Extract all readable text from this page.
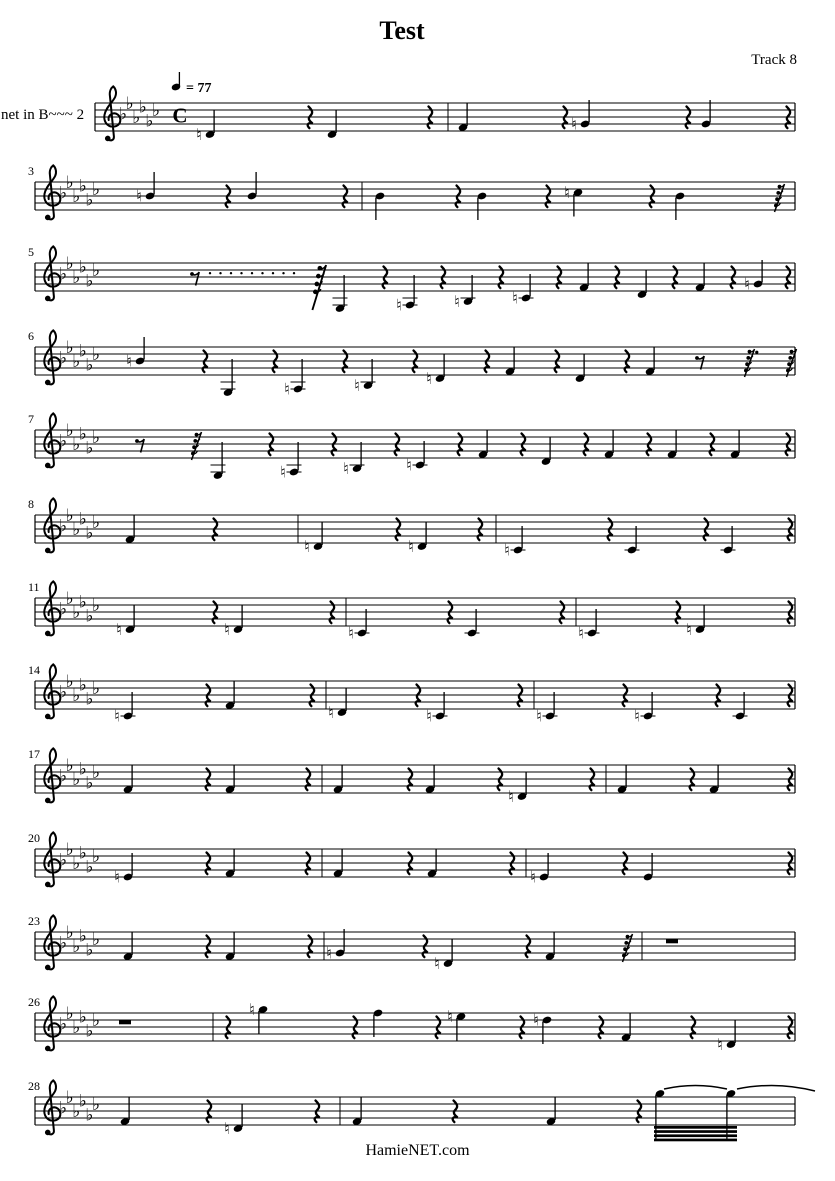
Test
Track 8
net in B~~~ 2 ♭
♭
♭
♭
♭
♭ C
= 77
♮
♮
3
♭
♭
♭
♭
♭
♭ ♮	♮
5
♭
♭
♭
♭
♭
♭
♮	♮	♮
♮
6
♭
♭
♭
♭
♭
♭ ♮
♮	♮	♮
7
♭
♭
♭
♭
♭
♭
♮	♮	♮
8
♭
♭
♭
♭
♭
♭
♮	♮	♮
11
♭
♭
♭
♭
♭
♭
♮	♮	♮	♮	♮
14
♭
♭
♭
♭
♭
♭
♮	♮	♮	♮	♮
17
♭
♭
♭
♭
♭
♭
♮
20
♭
♭
♭
♭
♭
♭
♮	♮
23
♭
♭
♭
♭
♭
♭
♮
♮
26
♭
♭
♭
♭
♭
♭
♮	♮	♮
♮
28
♭
♭
♭
♭
♭
♭
♮
HamieNET.com
